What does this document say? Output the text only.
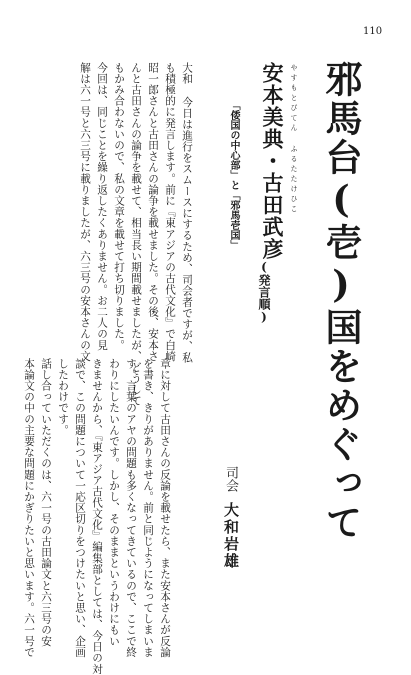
110
邪馬台(壱)国をめぐって
やすもとびてん ふるたたけひこ
安本美典・古田武彦
(発言順)
「倭国の中心部」と「邪馬壱国」
大和 今日は進行をスムースにするため、司会者ですが、私
も積極的に発言します。前に『東アジアの古代文化』で白崎
昭一郎さんと古田さんの論争を載せました。その後、安本さ
んと古田さんの論争を載せて、相当長い期間載せましたが、どうして
もかみ合わないので、私の文章を載せて打ち切りました。
今回は、同じことを繰り返したくありません。お二人の見
解は六一号と六三号に載りましたが、六三号の安本さんの文
章に対して古田さんの反論を載せたら、また安本さんが反論
を書き、きりがありません。前と同じようになってしまいま
す。言葉のアヤの問題も多くなってきているので、ここで終
わりにしたいんです。しかし、そのままというわけにもい
きませんから、『東アジア古代文化』編集部としては、今日の対
談で、この問題について一応区切りをつけたいと思い、企画
したわけです。
話し合っていただくのは、六一号の古田論文と六三号の安
本論文の中の主要な問題にかぎりたいと思います。六一号で	司会
大和岩雄
